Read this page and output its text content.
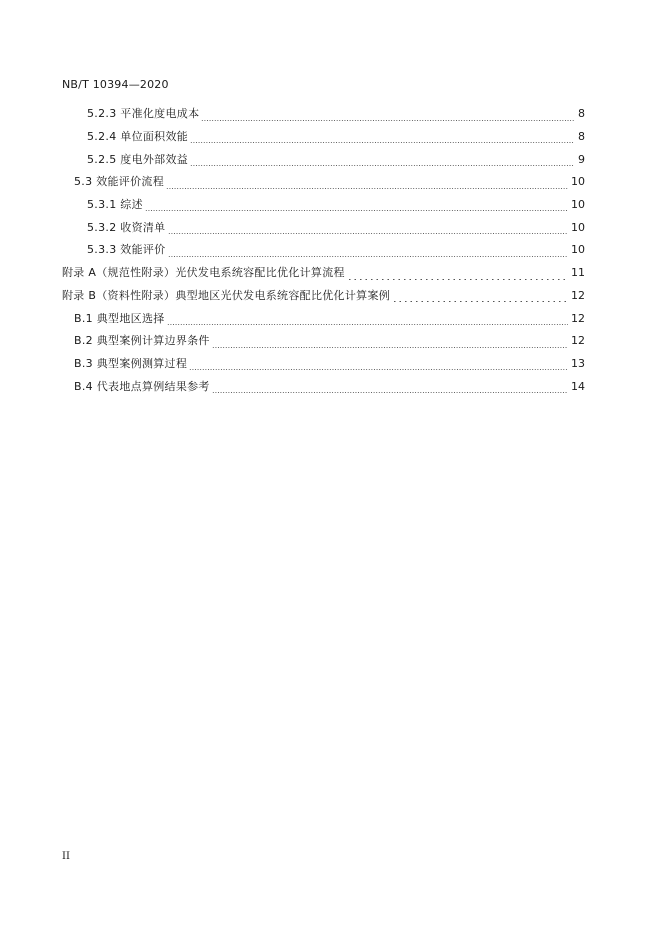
NB/T 10394—2020
5.2.3 平准化度电成本	8
5.2.4 单位面积效能	8
5.2.5 度电外部效益	9
5.3 效能评价流程	10
5.3.1 综述	10
5.3.2 收资清单	10
5.3.3 效能评价	10
附录 A（规范性附录）光伏发电系统容配比优化计算流程	11
附录 B（资料性附录）典型地区光伏发电系统容配比优化计算案例	12
B.1 典型地区选择	12
B.2 典型案例计算边界条件	12
B.3 典型案例测算过程	13
B.4 代表地点算例结果参考	14
II
